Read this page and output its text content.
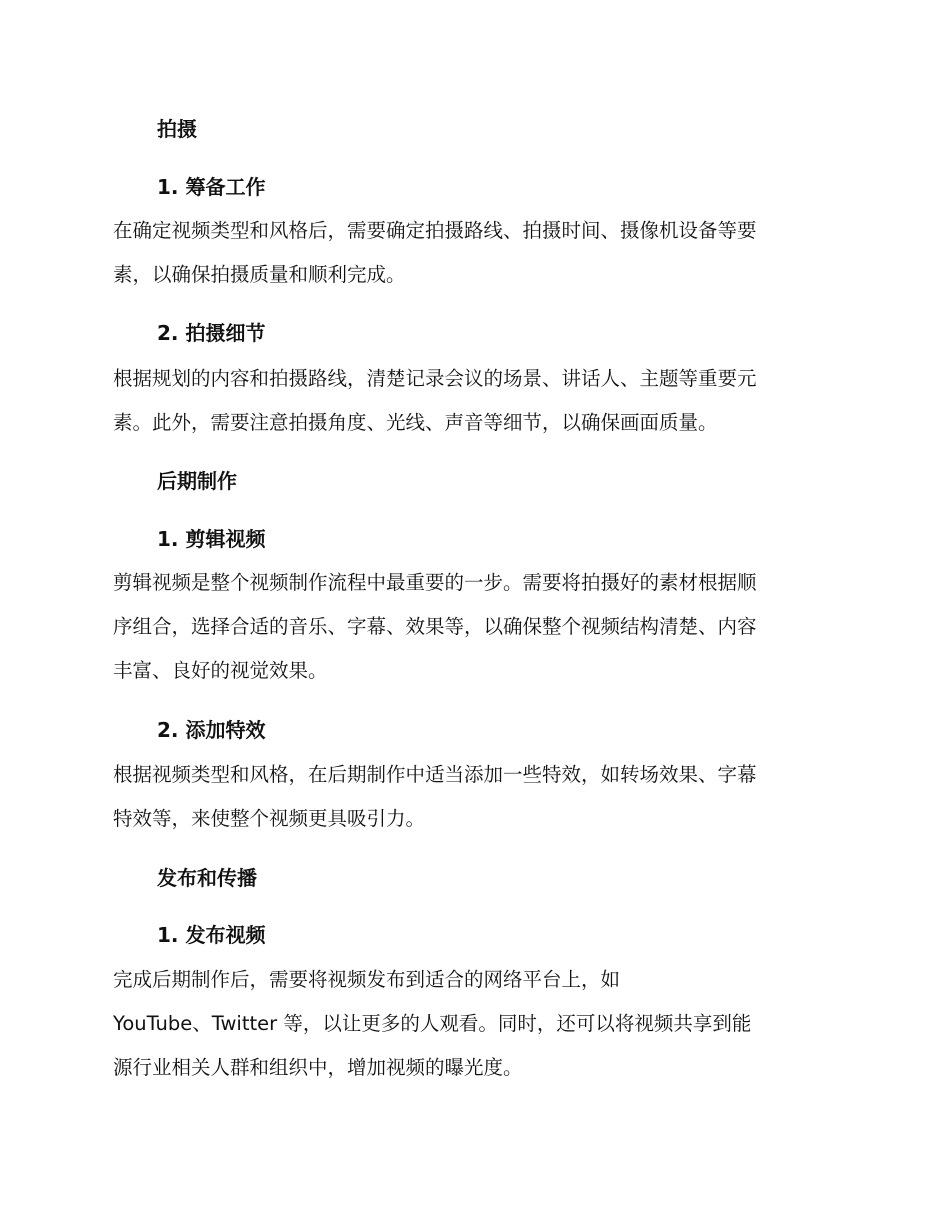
拍摄
1. 筹备工作
在确定视频类型和风格后，需要确定拍摄路线、拍摄时间、摄像机设备等要
素，以确保拍摄质量和顺利完成。
2. 拍摄细节
根据规划的内容和拍摄路线，清楚记录会议的场景、讲话人、主题等重要元
素。此外，需要注意拍摄角度、光线、声音等细节，以确保画面质量。
后期制作
1. 剪辑视频
剪辑视频是整个视频制作流程中最重要的一步。需要将拍摄好的素材根据顺
序组合，选择合适的音乐、字幕、效果等，以确保整个视频结构清楚、内容
丰富、良好的视觉效果。
2. 添加特效
根据视频类型和风格，在后期制作中适当添加一些特效，如转场效果、字幕
特效等，来使整个视频更具吸引力。
发布和传播
1. 发布视频
完成后期制作后，需要将视频发布到适合的网络平台上，如
YouTube、Twitter 等，以让更多的人观看。同时，还可以将视频共享到能
源行业相关人群和组织中，增加视频的曝光度。
